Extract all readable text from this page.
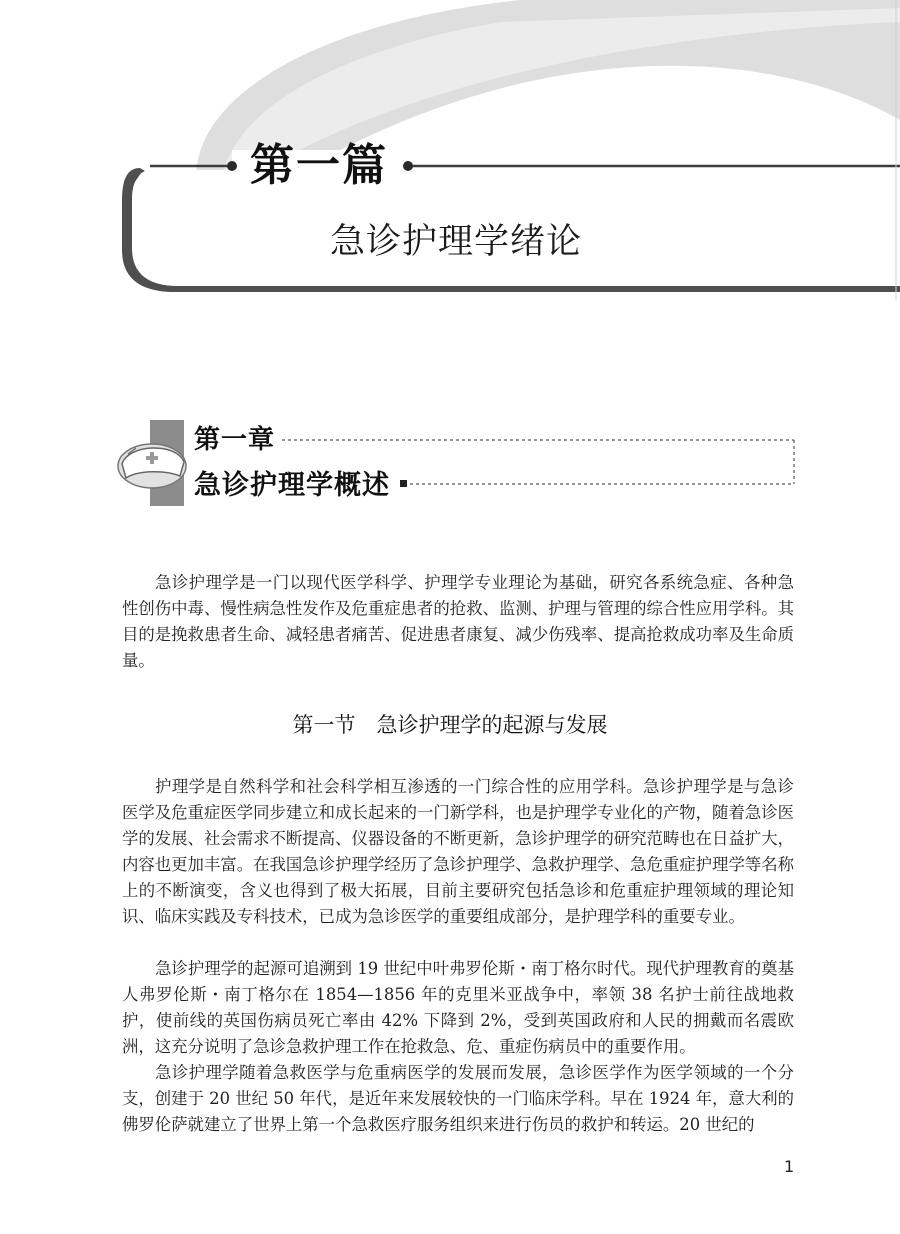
第一篇
急诊护理学绪论
第一章
急诊护理学概述

急诊护理学是一门以现代医学科学、护理学专业理论为基础，研究各系统急症、各种急性创伤中毒、慢性病急性发作及危重症患者的抢救、监测、护理与管理的综合性应用学科。其目的是挽救患者生命、减轻患者痛苦、促进患者康复、减少伤残率、提高抢救成功率及生命质量。

第一节　急诊护理学的起源与发展

护理学是自然科学和社会科学相互渗透的一门综合性的应用学科。急诊护理学是与急诊医学及危重症医学同步建立和成长起来的一门新学科，也是护理学专业化的产物，随着急诊医学的发展、社会需求不断提高、仪器设备的不断更新，急诊护理学的研究范畴也在日益扩大，内容也更加丰富。在我国急诊护理学经历了急诊护理学、急救护理学、急危重症护理学等名称上的不断演变，含义也得到了极大拓展，目前主要研究包括急诊和危重症护理领域的理论知识、临床实践及专科技术，已成为急诊医学的重要组成部分，是护理学科的重要专业。

急诊护理学的起源可追溯到 19 世纪中叶弗罗伦斯・南丁格尔时代。现代护理教育的奠基人弗罗伦斯・南丁格尔在 1854—1856 年的克里米亚战争中，率领 38 名护士前往战地救护，使前线的英国伤病员死亡率由 42% 下降到 2%，受到英国政府和人民的拥戴而名震欧洲，这充分说明了急诊急救护理工作在抢救急、危、重症伤病员中的重要作用。

急诊护理学随着急救医学与危重病医学的发展而发展，急诊医学作为医学领域的一个分支，创建于 20 世纪 50 年代，是近年来发展较快的一门临床学科。早在 1924 年，意大利的佛罗伦萨就建立了世界上第一个急救医疗服务组织来进行伤员的救护和转运。20 世纪的

1
